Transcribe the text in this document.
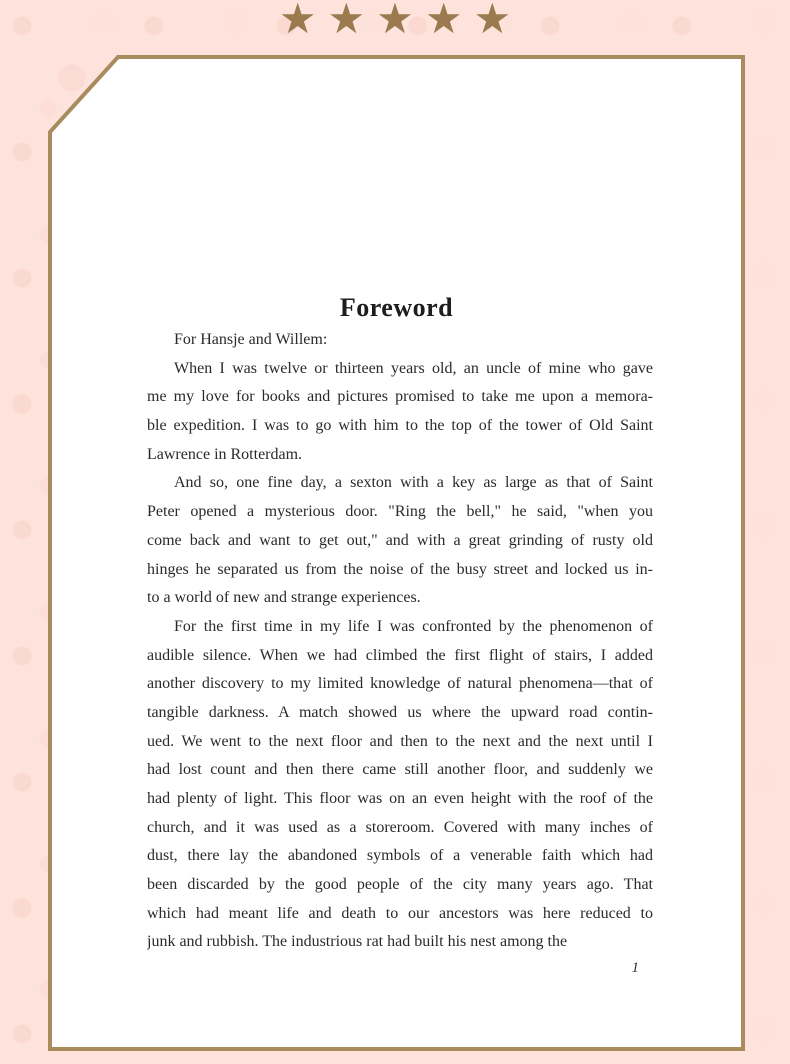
★ ★ ★ ★ ★
Foreword
For Hansje and Willem:
When I was twelve or thirteen years old, an uncle of mine who gave
me my love for books and pictures promised to take me upon a memora-
ble expedition. I was to go with him to the top of the tower of Old Saint
Lawrence in Rotterdam.
And so, one fine day, a sexton with a key as large as that of Saint
Peter opened a mysterious door. "Ring the bell," he said, "when you
come back and want to get out," and with a great grinding of rusty old
hinges he separated us from the noise of the busy street and locked us in-
to a world of new and strange experiences.
For the first time in my life I was confronted by the phenomenon of
audible silence. When we had climbed the first flight of stairs, I added
another discovery to my limited knowledge of natural phenomena—that of
tangible darkness. A match showed us where the upward road contin-
ued. We went to the next floor and then to the next and the next until I
had lost count and then there came still another floor, and suddenly we
had plenty of light. This floor was on an even height with the roof of the
church, and it was used as a storeroom. Covered with many inches of
dust, there lay the abandoned symbols of a venerable faith which had
been discarded by the good people of the city many years ago. That
which had meant life and death to our ancestors was here reduced to
junk and rubbish. The industrious rat had built his nest among the
1
